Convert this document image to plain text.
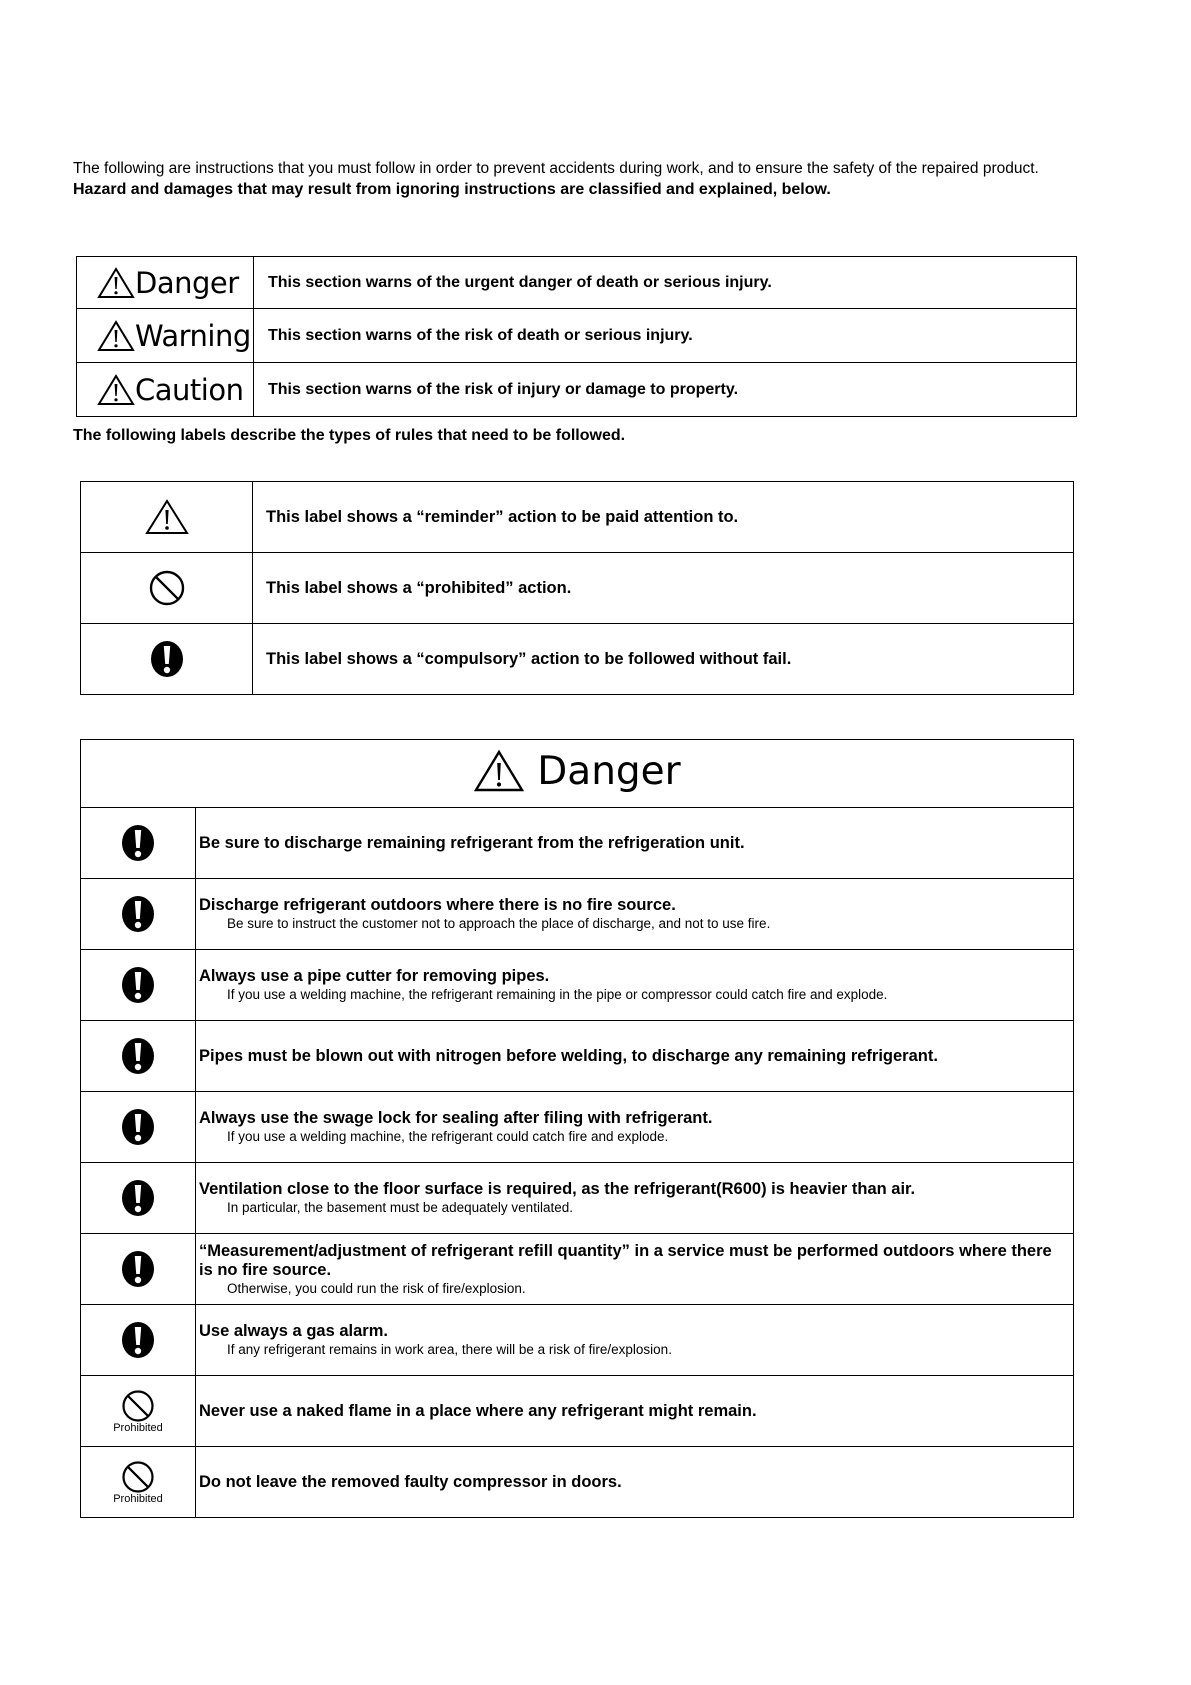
The following are instructions that you must follow in order to prevent accidents during work, and to ensure the safety of the repaired product.

Hazard and damages that may result from ignoring instructions are classified and explained, below.

Danger	This section warns of the urgent danger of death or serious injury.

Warning	This section warns of the risk of death or serious injury.

Caution	This section warns of the risk of injury or damage to property.
The following labels describe the types of rules that need to be followed.
	This label shows a “reminder” action to be paid attention to.
	This label shows a “prohibited” action.
	This label shows a “compulsory” action to be followed without fail.
Danger	

Be sure to discharge remaining refrigerant from the refrigeration unit.

Discharge refrigerant outdoors where there is no fire source.
Be sure to instruct the customer not to approach the place of discharge, and not to use fire.

Always use a pipe cutter for removing pipes.
If you use a welding machine, the refrigerant remaining in the pipe or compressor could catch fire and explode.

Pipes must be blown out with nitrogen before welding, to discharge any remaining refrigerant.

Always use the swage lock for sealing after filing with refrigerant.
If you use a welding machine, the refrigerant could catch fire and explode.

Ventilation close to the floor surface is required, as the refrigerant(R600) is heavier than air.
In particular, the basement must be adequately ventilated.

“Measurement/adjustment of refrigerant refill quantity” in a service must be performed outdoors where there is no fire source.
Otherwise, you could run the risk of fire/explosion.

Use always a gas alarm.
If any refrigerant remains in work area, there will be a risk of fire/explosion.

Prohibited	Never use a naked flame in a place where any refrigerant might remain.

Prohibited	Do not leave the removed faulty compressor in doors.
